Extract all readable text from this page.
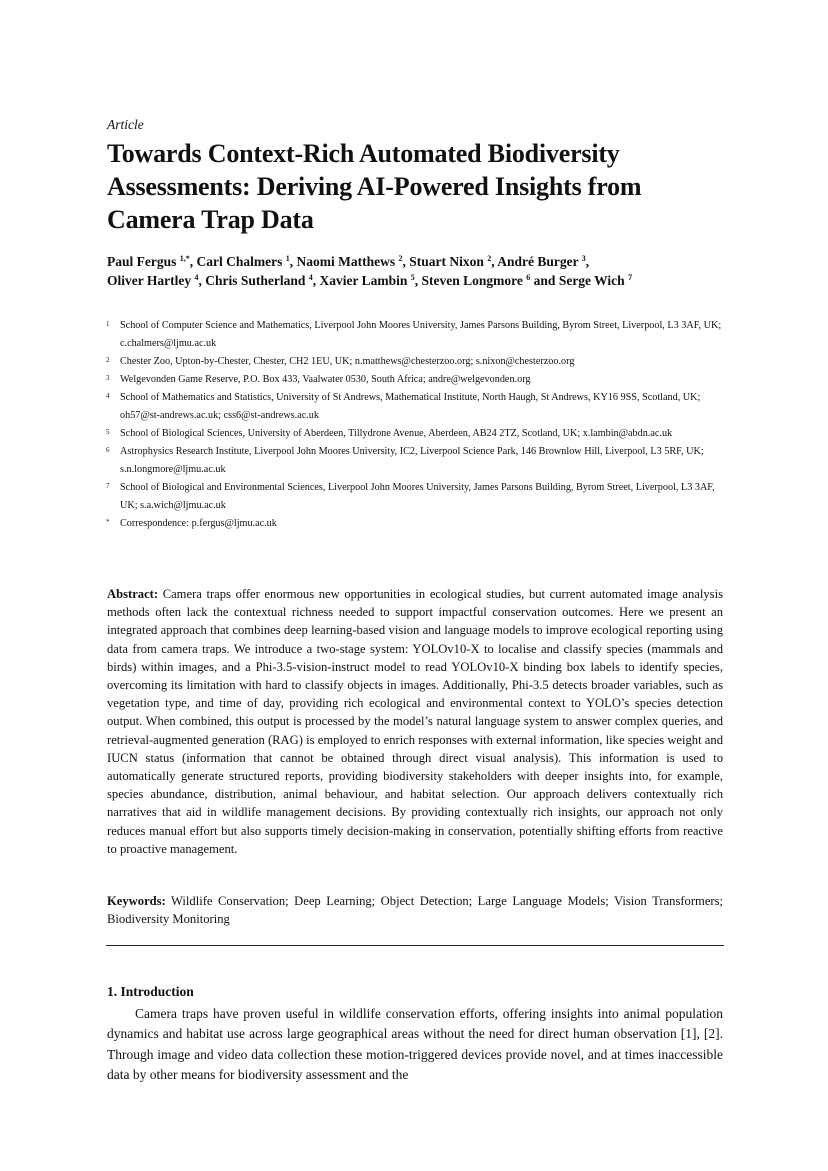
Article
Towards Context-Rich Automated Biodiversity Assessments: Deriving AI-Powered Insights from Camera Trap Data
Paul Fergus $^{1,*}$, Carl Chalmers $^1$, Naomi Matthews $^2$, Stuart Nixon $^2$, André Burger $^3$,
Oliver Hartley $^4$, Chris Sutherland $^4$, Xavier Lambin $^5$, Steven Longmore $^6$ and Serge Wich $^7$
1 School of Computer Science and Mathematics, Liverpool John Moores University, James Parsons Building, Byrom Street, Liverpool, L3 3AF, UK; c.chalmers@ljmu.ac.uk
2 Chester Zoo, Upton-by-Chester, Chester, CH2 1EU, UK; n.matthews@chesterzoo.org; s.nixon@chesterzoo.org
3 Welgevonden Game Reserve, P.O. Box 433, Vaalwater 0530, South Africa; andre@welgevonden.org
4 School of Mathematics and Statistics, University of St Andrews, Mathematical Institute, North Haugh, St Andrews, KY16 9SS, Scotland, UK; oh57@st-andrews.ac.uk; css6@st-andrews.ac.uk
5 School of Biological Sciences, University of Aberdeen, Tillydrone Avenue, Aberdeen, AB24 2TZ, Scotland, UK; x.lambin@abdn.ac.uk
6 Astrophysics Research Institute, Liverpool John Moores University, IC2, Liverpool Science Park, 146 Brownlow Hill, Liverpool, L3 5RF, UK; s.n.longmore@ljmu.ac.uk
7 School of Biological and Environmental Sciences, Liverpool John Moores University, James Parsons Building, Byrom Street, Liverpool, L3 3AF, UK; s.a.wich@ljmu.ac.uk
* Correspondence: p.fergus@ljmu.ac.uk

Abstract: Camera traps offer enormous new opportunities in ecological studies, but current automated image analysis methods often lack the contextual richness needed to support impactful conservation outcomes. Here we present an integrated approach that combines deep learning-based vision and language models to improve ecological reporting using data from camera traps. We introduce a two-stage system: YOLOv10-X to localise and classify species (mammals and birds) within images, and a Phi-3.5-vision-instruct model to read YOLOv10-X binding box labels to identify species, overcoming its limitation with hard to classify objects in images. Additionally, Phi-3.5 detects broader variables, such as vegetation type, and time of day, providing rich ecological and environmental context to YOLO’s species detection output. When combined, this output is processed by the model’s natural language system to answer complex queries, and retrieval-augmented generation (RAG) is employed to enrich responses with external information, like species weight and IUCN status (information that cannot be obtained through direct visual analysis). This information is used to automatically generate structured reports, providing biodiversity stakeholders with deeper insights into, for example, species abundance, distribution, animal behaviour, and habitat selection. Our approach delivers contextually rich narratives that aid in wildlife management decisions. By providing contextually rich insights, our approach not only reduces manual effort but also supports timely decision-making in conservation, potentially shifting efforts from reactive to proactive management.

Keywords: Wildlife Conservation; Deep Learning; Object Detection; Large Language Models; Vision Transformers; Biodiversity Monitoring

1. Introduction

Camera traps have proven useful in wildlife conservation efforts, offering insights into animal population dynamics and habitat use across large geographical areas without the need for direct human observation [1], [2]. Through image and video data collection these motion-triggered devices provide novel, and at times inaccessible data by other means for biodiversity assessment and the
